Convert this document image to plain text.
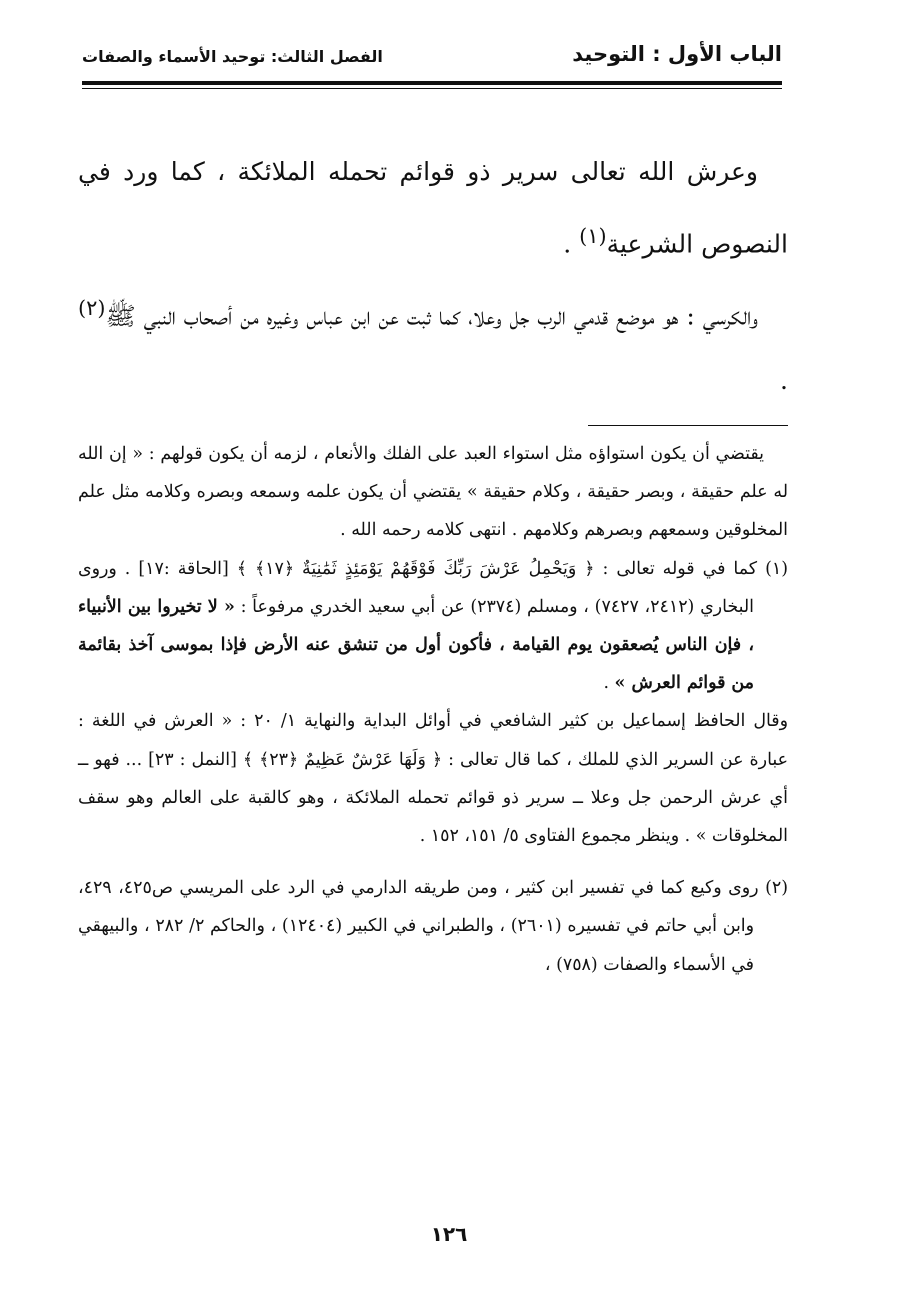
الباب الأول : التوحيد
الفصل الثالث: توحيد الأسماء والصفات

وعرش الله تعالى سرير ذو قوائم تحمله الملائكة ، كما ورد في النصوص الشرعية$^{(١)}$ .

والكرسي : هو موضع قدمي الرب جل وعلا، كما ثبت عن ابن عباس وغيره من أصحاب النبي ﷺ$^{(٢)}$ .

يقتضي أن يكون استواؤه مثل استواء العبد على الفلك والأنعام ، لزمه أن يكون قولهم : « إن الله له علم حقيقة ، وبصر حقيقة ، وكلام حقيقة » يقتضي أن يكون علمه وسمعه وبصره وكلامه مثل علم المخلوقين وسمعهم وبصرهم وكلامهم . انتهى كلامه رحمه الله .

(١) كما في قوله تعالى : ﴿ وَيَحْمِلُ عَرْشَ رَبِّكَ فَوْقَهُمْ يَوْمَئِذٍ ثَمَٰنِيَةٌ ﴿١٧﴾ ﴾ [الحاقة :١٧] . وروى البخاري (٢٤١٢، ٧٤٢٧) ، ومسلم (٢٣٧٤) عن أبي سعيد الخدري مرفوعاً : « لا تخيروا بين الأنبياء ، فإن الناس يُصعقون يوم القيامة ، فأكون أول من تنشق عنه الأرض فإذا بموسى آخذ بقائمة من قوائم العرش » .

وقال الحافظ إسماعيل بن كثير الشافعي في أوائل البداية والنهاية ١/ ٢٠ : « العرش في اللغة : عبارة عن السرير الذي للملك ، كما قال تعالى : ﴿ وَلَهَا عَرْشٌ عَظِيمٌ ﴿٢٣﴾ ﴾ [النمل : ٢٣] ... فهو ــ أي عرش الرحمن جل وعلا ــ سرير ذو قوائم تحمله الملائكة ، وهو كالقبة على العالم وهو سقف المخلوقات » . وينظر مجموع الفتاوى ٥/ ١٥١، ١٥٢ .

(٢) روى وكيع كما في تفسير ابن كثير ، ومن طريقه الدارمي في الرد على المريسي ص٤٢٥، ٤٢٩، وابن أبي حاتم في تفسيره (٢٦٠١) ، والطبراني في الكبير (١٢٤٠٤) ، والحاكم ٢/ ٢٨٢ ، والبيهقي في الأسماء والصفات (٧٥٨) ،

١٢٦
